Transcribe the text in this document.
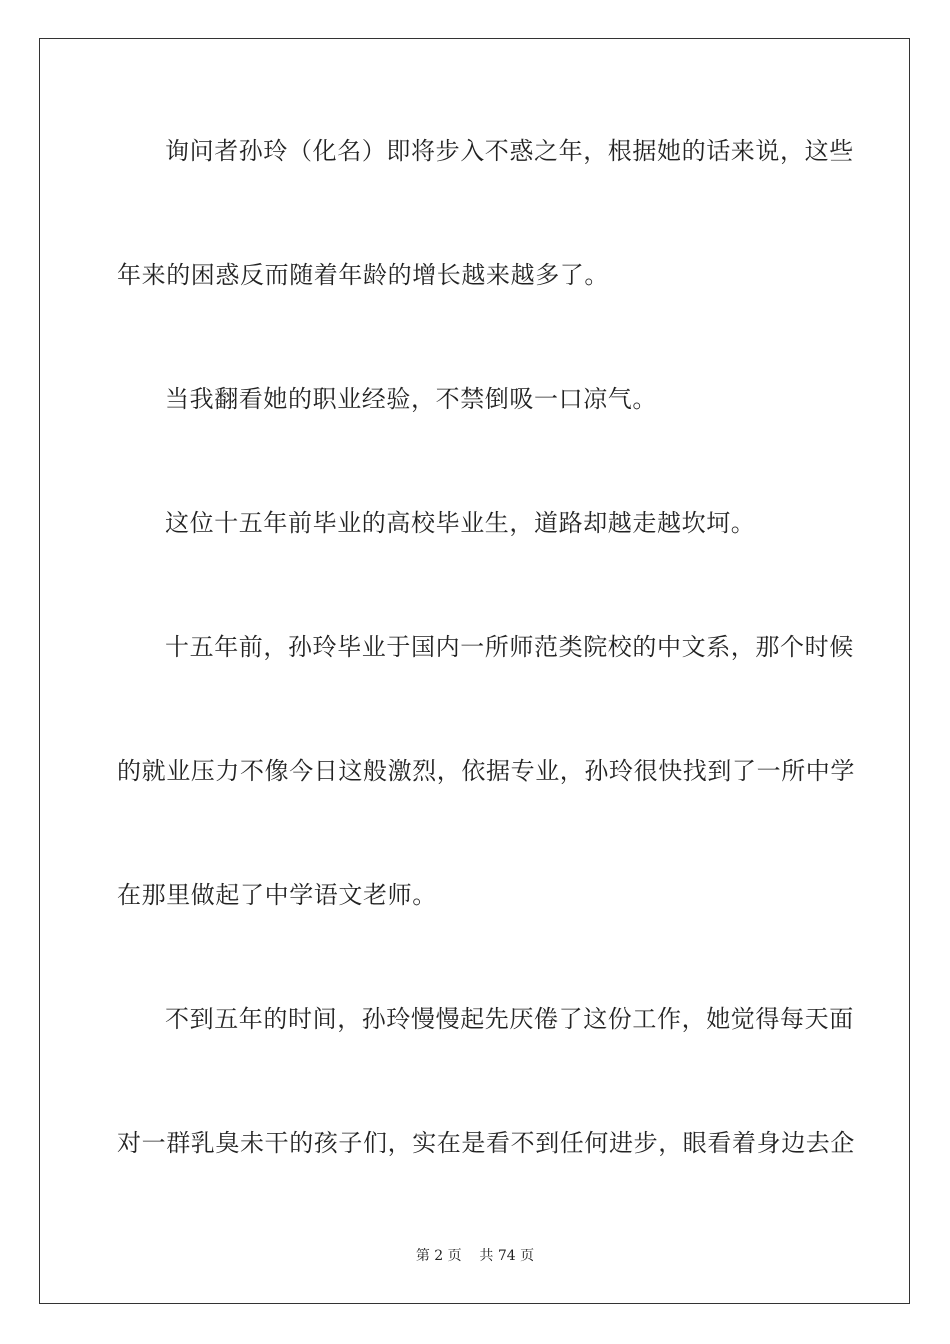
询问者孙玲（化名）即将步入不惑之年，根据她的话来说，这些
年来的困惑反而随着年龄的增长越来越多了。
当我翻看她的职业经验，不禁倒吸一口凉气。
这位十五年前毕业的高校毕业生，道路却越走越坎坷。
十五年前，孙玲毕业于国内一所师范类院校的中文系，那个时候
的就业压力不像今日这般激烈，依据专业，孙玲很快找到了一所中学
在那里做起了中学语文老师。
不到五年的时间，孙玲慢慢起先厌倦了这份工作，她觉得每天面
对一群乳臭未干的孩子们，实在是看不到任何进步，眼看着身边去企
第 2 页    共 74 页
